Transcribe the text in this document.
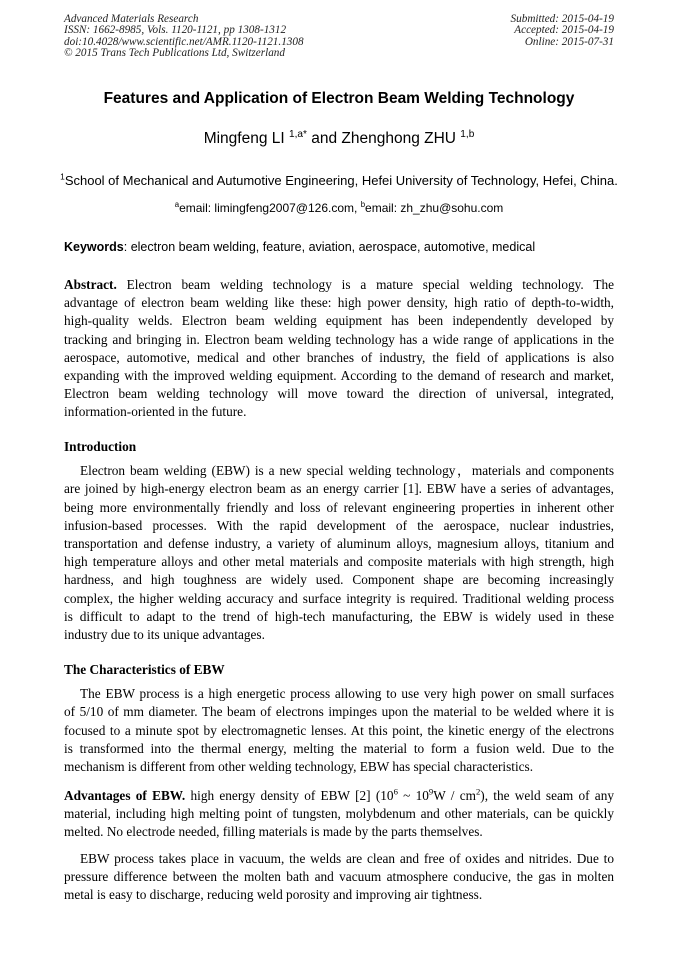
Advanced Materials Research
ISSN: 1662-8985, Vols. 1120-1121, pp 1308-1312
doi:10.4028/www.scientific.net/AMR.1120-1121.1308
© 2015 Trans Tech Publications Ltd, Switzerland
Submitted: 2015-04-19
Accepted: 2015-04-19
Online: 2015-07-31
Features and Application of Electron Beam Welding Technology
Mingfeng LI $^{1,a*}$ and Zhenghong ZHU $^{1,b}$
$^1$School of Mechanical and Autumotive Engineering, Hefei University of Technology, Hefei, China.
$^a$email: limingfeng2007@126.com, $^b$email: zh_zhu@sohu.com
Keywords: electron beam welding, feature, aviation, aerospace, automotive, medical
Abstract. Electron beam welding technology is a mature special welding technology. The
advantage of electron beam welding like these: high power density, high ratio of depth-to-width,
high-quality welds. Electron beam welding equipment has been independently developed by
tracking and bringing in. Electron beam welding technology has a wide range of applications in the
aerospace, automotive, medical and other branches of industry, the field of applications is also
expanding with the improved welding equipment. According to the demand of research and market,
Electron beam welding technology will move toward the direction of universal, integrated,
information-oriented in the future.
Introduction
Electron beam welding (EBW) is a new special welding technology，materials and components
are joined by high-energy electron beam as an energy carrier [1]. EBW have a series of advantages,
being more environmentally friendly and loss of relevant engineering properties in inherent other
infusion-based processes. With the rapid development of the aerospace, nuclear industries,
transportation and defense industry, a variety of aluminum alloys, magnesium alloys, titanium and
high temperature alloys and other metal materials and composite materials with high strength, high
hardness, and high toughness are widely used. Component shape are becoming increasingly
complex, the higher welding accuracy and surface integrity is required. Traditional welding process
is difficult to adapt to the trend of high-tech manufacturing, the EBW is widely used in these
industry due to its unique advantages.
The Characteristics of EBW
The EBW process is a high energetic process allowing to use very high power on small surfaces
of 5/10 of mm diameter. The beam of electrons impinges upon the material to be welded where it is
focused to a minute spot by electromagnetic lenses. At this point, the kinetic energy of the electrons
is transformed into the thermal energy, melting the material to form a fusion weld. Due to the
mechanism is different from other welding technology, EBW has special characteristics.
Advantages of EBW. high energy density of EBW [2] ($10^6$ ~ $10^9W / cm^2$), the weld seam of any
material, including high melting point of tungsten, molybdenum and other materials, can be quickly
melted. No electrode needed, filling materials is made by the parts themselves.
EBW process takes place in vacuum, the welds are clean and free of oxides and nitrides. Due to
pressure difference between the molten bath and vacuum atmosphere conducive, the gas in molten
metal is easy to discharge, reducing weld porosity and improving air tightness.
